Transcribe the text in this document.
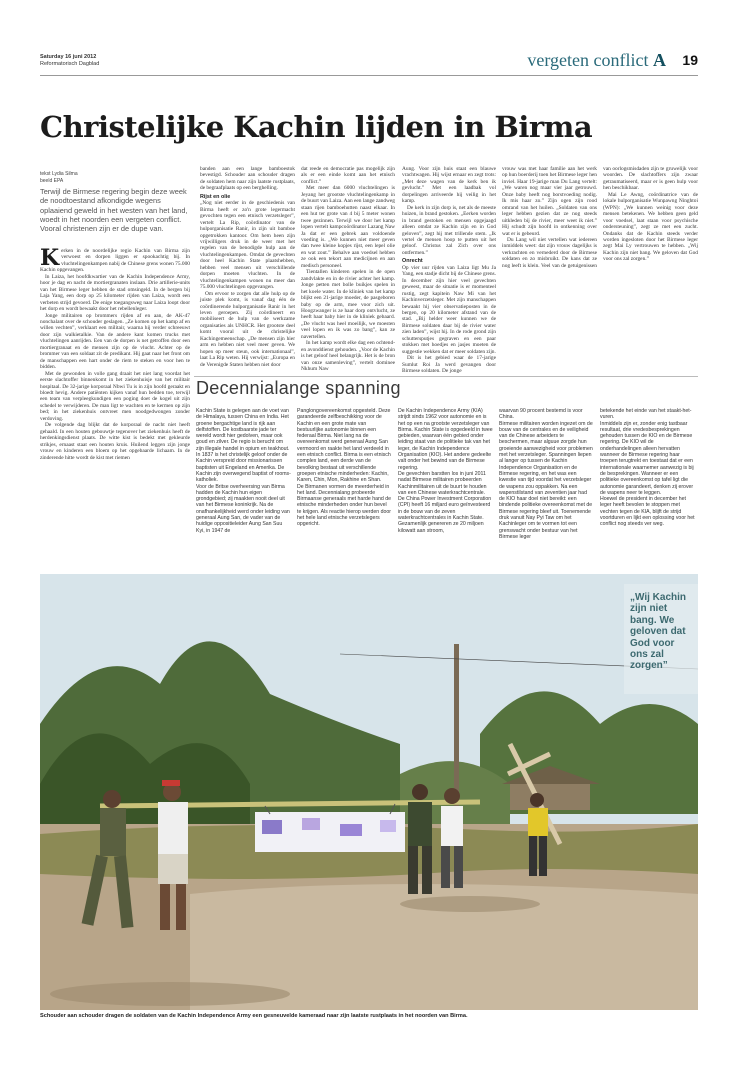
Saturday 16 juni 2012
Reformatorisch Dagblad	vergeten conflict A 19
Christelijke Kachin lijden in Birma
tekst Lydia Silma
beeld EPA
Terwijl de Birmese regering begin deze week de noodtoestand afkondigde wegens oplaaiend geweld in het westen van het land, woedt in het noorden een vergeten conflict. Vooral christenen zijn er de dupe van.

Kerken in de noordelijke regio Kachin van Birma zijn verwoest en dorpen liggen er spookachtig bij. In vluchtelingenkampen nabij de Chinese grens wonen 75.000 Kachin opgevangen.

In Laiza, het hoofdkwartier van de Kachin Independence Army, hoor je dag en nacht de mortiergranaten inslaan. Drie artillerie-units van het Birmese leger hebben de stad omsingeld. In de bergen bij Laja Yang, een dorp op 25 kilometer rijden van Laiza, wordt een verbeten strijd gevoerd. De enige toegangsweg naar Laiza loopt door het dorp en wordt bewaakt door het rebellenleger.

Jonge militairen op brommers rijden af en aan, de AK-47 nonchalant over de schouder geslagen. „Ze komen op het kamp af en willen vechten”, verklaart een militair, waarna hij verder schreeuwt door zijn walkietalkie. Van de andere kant komen trucks met vluchtelingen aanrijden. Een van de dorpen is net getroffen door een mortiergranaat en de mensen zijn op de vlucht. Achter op de brommer van een soldaat zit de predikant. Hij gaat naar het front om de manschappen een hart onder de riem te steken en voor hen te bidden.

Met de gewonden in volle gang draait het niet lang voordat het eerste slachtoffer binnenkomt in het ziekenhuisje van het militair hospitaal. De 32-jarige korporaal Nbwi Tu is in zijn hoofd geraakt en bloedt hevig. Andere patiënten kijken vanaf hun bedden toe, terwijl een team van verpleegkundigen een poging doet de kogel uit zijn schedel te verwijderen. De man ligt te wachten en te kermen op zijn bed; in het ziekenhuis ontvreet men noodgedwongen zonder verdoving.

De volgende dag blijkt dat de korporaal de nacht niet heeft gehaald. In een houten gebouwtje tegenover het ziekenhuis heeft de herdenkingsdienst plaats. De witte kist is bedekt met gekleurde strikjes, ernaast staat een houten kruis. Huilend leggen zijn jonge vrouw en kinderen een bloem op het opgebaarde lichaam. In de zinderende hitte wordt de kist met riemen

banden aan een lange bamboestok bevestigd. Schouder aan schouder dragen de soldaten hem naar zijn laatste rustplaats, de begraafplaats op een berghelling.

Rijst en olie

„Nog niet eerder in de geschiedenis van Birma heeft er zo'n grote legermacht gevochten tegen een etnisch verzetsleger”, vertelt La Rip, coördinator van de hulporganisatie Ranir, in zijn uit bamboe opgetrokken kantoor. Om hem heen zijn vrijwilligers druk in de weer met het regelen van de benodigde hulp aan de vluchtelingenkampen. Omdat de gevechten door heel Kachin State plaatshebben, hebben veel mensen uit verschillende dorpen moeten vluchten. In de vluchtelingenkampen wonen nu meer dan 75.000 vluchtelingen opgevangen.

Om ervoor te zorgen dat alle hulp op de juiste plek komt, is vanaf dag één de coördinerende hulporganisatie Ranir in het leven geroepen. Zij coördineert en mobiliseert de hulp van de werkzame organisaties als UNHCR. Het grootste deel komt vooral uit de christelijke Kachingemeenschap. „De mensen zijn hier arm en hebben niet veel meer geven. We hopen op meer steun, ook internationaal”, laat La Rip weten. Hij verwijst: „Europa en de Verenigde Staten hebben niet door

dat reede en democratie pas mogelijk zijn als er een einde komt aan het etnisch conflict.”

Met meer dan 6000 vluchtelingen is Jeyang het grootste vluchtelingenkamp in de buurt van Laiza. Aan een lange zandweg staan rijen bamboehutten naast elkaar. In een hut ter grote van 4 bij 5 meter wonen twee gezinnen. Terwijl we door het kamp lopen vertelt kampcoördinator Lazang Naw Ja dat er een gebrek aan voldoende voeding is. „We kunnen niet meer geven dan twee kleine kopjes rijst, een lepel olie en wat zout.” Behalve aan voedsel hebben ze ook een tekort aan medicijnen en aan medisch personeel.

Tientallen kinderen spelen in de open zandvlakte en in de rivier achter het kamp. Jonge petten met bolle buikjes spelen in het koele water. In de kliniek van het kamp blijkt een 21-jarige moeder, de pasgeboren baby op de arm, mee voor zich uit. Hoogzwanger is ze haar dorp ontvlucht, ze heeft haar baby hier in de kliniek gebaard. „De vlucht was heel moeilijk, we moesten veel lopen en ik was zo bang”, kan ze navertellen.

In het kamp wordt elke dag een ochtend- en avonddienst gehouden. „Voor de Kachin is het geloof heel belangrijk. Het is de bron van onze samenleving”, vertelt dominee Nkhum Naw

Aung. Voor zijn huis staat een blauwe vrachtwagen. Hij wijst ernaar en zegt trots: „Met deze wagen van de kerk ben ik gevlucht.” Met een laadbak vol dorpelingen arriveerde hij veilig in het kamp.

De kerk in zijn dorp is, net als de meeste huizen, in brand gestoken. „Eerken worden in brand gestoken en mensen opgejaagd alleen omdat ze Kachin zijn en in God geloven”, zegt hij met trillende stem. „Ik vertel de mensen hoop te putten uit het geloof. Christus zal Zich over ons ontfermen.”

Onrecht

Op vier uur rijden van Laiza ligt Mu Ja Yang, een stadje dicht bij de Chinese grens. In december zijn hier veel gevechten geweest, maar de situatie is er momenteel rustig, zegt kapitein Naw Mi van het Kachinverzetsleger. Met zijn manschappen bewaakt hij vier observatieposten in de bergen, op 20 kilometer afstand van de stad. „Bij helder weer kunnen we de Birmese soldaten daar bij de rivier water zien laden”, wijst hij. In de rode grond zijn schuttersputjes gegraven en een paar stokken met hoedjes en jasjes moeten de suggestie wekken dat er meer soldaten zijn.

Dit is het gebied waar de 17-jarige Sumlut Roi Ja werd gevangen door Birmese soldaten. De jonge

vrouw was met haar familie aan het werk op hun boerderij toen het Birmese leger hen inviel. Haar 19-jarige man Du Lang vertelt: „We waren nog maar vier jaar getrouwd. Onze baby heeft nog borstvoeding nodig. Ik mis haar zo.” Zijn ogen zijn rood omrand van het huilen. „Soldaten van ons leger hebben gezien dat ze nog steeds uitkleden bij de rivier, meer weet ik niet.” Hij schudt zijn hoofd in ontkenning over wat er is gebeurd.

Du Lang wil niet vertellen wat iedereen inmiddels weet: dat zijn vrouw dagelijks is verkrachten en vernederd door de Birmese soldaten en zo misbruikt. De kans dat ze nog leeft is klein. Veel van de getuigenissen van oorlogsmisdaden zijn te gruwelijk voor woorden. De slachtoffers zijn zwaar getraumatiseerd, maar er is geen hulp voor hen beschikbaar.

Mai Le Awng, coördinatrice van de lokale hulporganisatie Wunpawng Ninghtoi (WPN): „We kunnen weinig voor deze mensen betekenen. We hebben geen geld voor voedsel, laat staan voor psychische ondersteuning”, zegt ze met een zucht. Ondanks dat de Kachin steeds verder worden ingesloten door het Birmese leger zegt Mai Ly vertrouwen te hebben. „Wij Kachin zijn niet bang. We geloven dat God voor ons zal zorgen.”

Decennialange spanning

Kachin State is gelegen aan de voet van de Himalaya, tussen China en India. Het groene bergachtige land is rijk aan delfstoffen. De kostbaarste jade ter wereld wordt hier gedolven, maar ook goud en zilver. De regio is berucht om zijn illegale handel in opium en teakhout. In 1837 is het christelijk geloof onder de Kachin verspreid door missionarissen baptisten uit Engeland en Amerika. De Kachin zijn overwegend baptist of rooms-katholiek.

Voor de Britse overheersing van Birma hadden de Kachin hun eigen grondgebied; zij maakten nooit deel uit van het Birmese koninkrijk. Na de onafhankelijkheid werd onder leiding van generaal Aung San, de vader van de huidige oppositieleider Aung San Suu Kyi, in 1947 de

Panglongovereenkomst opgesteld. Deze garandeerde zelfbeschikking voor de Kachin en een grote mate van bestuurlijke autonomie binnen een federaal Birma. Niet lang na de overeenkomst werd generaal Aung San vermoord en raakte het land verdeeld in een etnisch conflict. Birma is een etnisch complex land, een derde van de bevolking bestaat uit verschillende groepen etnische minderheden: Kachin, Karen, Chin, Mon, Rakhine en Shan.

De Birmanen vormen de meerderheid in het land. Decennialang probeerde Birmaanse generaals met harde hand de etnische minderheden onder hun bevel te krijgen. Als reactie hierop werden door het hele land etnische verzetslegers opgericht.

De Kachin Independence Army (KIA) strijdt sinds 1962 voor autonomie en is het op een na grootste verzetsleger van Birma. Kachin State is opgedeeld in twee gebieden, waarvan één gebied onder leiding staat van de politieke tak van het leger, de Kachin Independence Organisation (KIO). Het andere gedeelte valt onder het bewind van de Birmese regering.

De gevechten barstten los in juni 2011 nadat Birmese militairen probeerden Kachinmilitairen uit de buurt te houden van een Chinese waterkrachtcentrale. De China Power Investment Corporation (CPI) heeft 16 miljard euro geïnvesteerd in de bouw van de zeven waterkrachtcentrales in Kachin State. Gezamenlijk genereren ze 20 miljoen kilowatt aan stroom,

waarvan 90 procent bestemd is voor China.

Birmese militairen worden ingezet om de bouw van de centrales en de veiligheid van de Chinese arbeiders te beschermen, maar alguue zorgde hun groeiende aanwezigheid voor problemen met het verzetsleger. Spanningen liepen al langer op tussen de Kachin Independence Organisation en de Birmese regering, en het was een kwestie van tijd voordat het verzetsleger de wapens zou oppakken. Na een wapenstilstand van zeventien jaar had de KIO haar doel niet bereikt: een bindende politieke overeenkomst met de Birmese regering bleef uit. Toenemende druk vanuit Nay Pyi Taw om het Kachinleger om te vormen tot een grenswacht onder bestuur van het Birmese leger

betekende het einde van het staakt-het-vuren.

Inmiddels zijn er, zonder enig tastbaar resultaat, drie vredesbesprekingen gehouden tussen de KIO en de Birmese regering. De KIO wil de onderhandelingen alleen hervatten wanneer de Birmese regering haar troepen terugtrekt en toestaat dat er een internationale waarnemer aanwezig is bij de besprekingen. Wanneer er een politieke overeenkomst op tafel ligt die autonomie garandeert, denken zij erover de wapens neer te leggen.

Hoewel de president in december het leger heeft bevolen te stoppen met vechten tegen de KIA, blijft de strijd voortduren en lijkt een oplossing voor het conflict nog steeds ver weg.

„Wij Kachin zijn niet bang. We geloven dat God voor ons zal zorgen”
Schouder aan schouder dragen de soldaten van de Kachin Independence Army een gesneuvelde kameraad naar zijn laatste rustplaats in het noorden van Birma.
